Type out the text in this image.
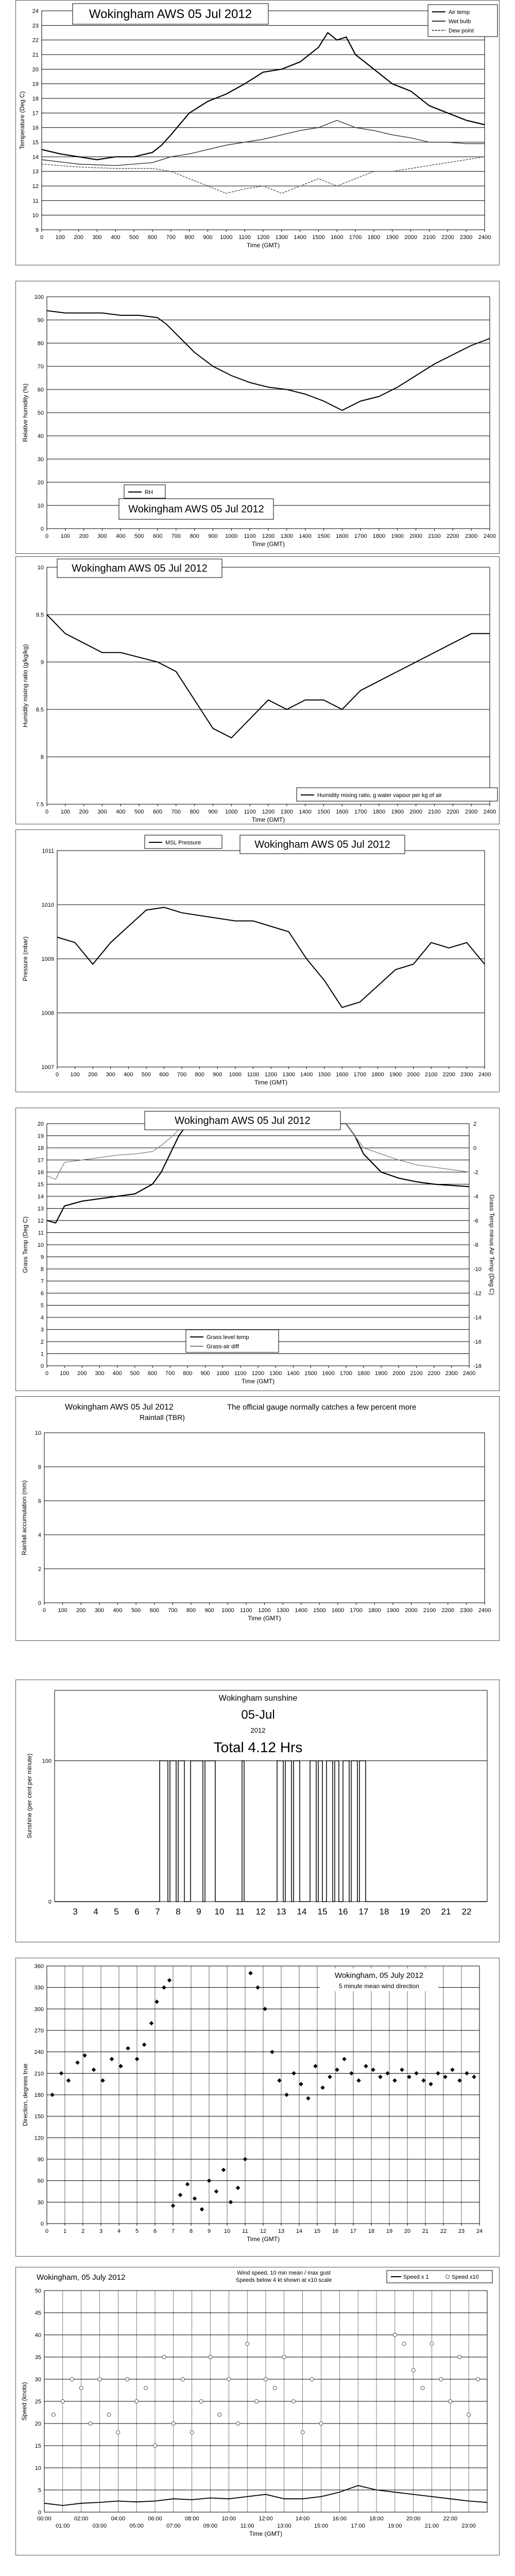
9
10
11
12
13
14
15
16
17
18
19
20
21
22
23
24
0 100 200 300 400 500 600 700 800 900 1000 1100 1200 1300 1400 1500 1600 1700 1800 1900 2000 2100 2200 2300 2400
Time (GMT)
Temperature (Deg C)
Wokingham AWS 05 Jul 2012	Air temp
Wet bulb
Dew point
0
10
20
30
40
50
60
70
80
90
100
0 100 200 300 400 500 600 700 800 900 1000 1100 1200 1300 1400 1500 1600 1700 1800 1900 2000 2100 2200 2300 2400
Time (GMT)
Relative humidity (%)
RH
Wokingham AWS 05 Jul 2012
7.5
8
8.5
9
9.5
10
0 100 200 300 400 500 600 700 800 900 1000 1100 1200 1300 1400 1500 1600 1700 1800 1900 2000 2100 2200 2300 2400
Time (GMT)
Humidity mixing ratio (g/kg/kg)
Wokingham AWS 05 Jul 2012
Humidity mixing ratio, g water vapour per kg of air
1007
1008
1009
1010
1011
0 100 200 300 400 500 600 700 800 900 1000 1100 1200 1300 1400 1500 1600 1700 1800 1900 2000 2100 2200 2300 2400
Time (GMT)
Pressure (mbar)
MSL Pressure	Wokingham AWS 05 Jul 2012
0
1
2
3
4
5
6
7
8
9
10
11
12
13
14
15
16
17
18
19
20
-18
-16
-14
-12
-10
-8
-6
-4
-2
0
2
0 100 200 300 400 500 600 700 800 900 1000 1100 1200 1300 1400 1500 1600 1700 1800 1900 2000 2100 2200 2300 2400
Time (GMT)
Grass Temp (Deg C)	Grass Temp minus Air Temp (Deg C)
Wokingham AWS 05 Jul 2012
Grass level temp
Grass-air diff
0
2
4
6
8
10
0 100 200 300 400 500 600 700 800 900 1000 1100 1200 1300 1400 1500 1600 1700 1800 1900 2000 2100 2200 2300 2400
Time (GMT)
Rainfall accumulation (mm)
Wokingham AWS 05 Jul 2012
Raintall (TBR)
The official gauge normally catches a few percent more
0
100
3 4 5 6 7 8 9 10 11 12 13 14 15 16 17 18 19 20 21 22
Sunshine (per cent per minute)
Wokingham sunshine
05-Jul
2012
Total 4.12 Hrs
0
30
60
90
120
150
180
210
240
270
300
330
360
0	1	2	3	4	5	6	7	8	9 10 11 12 13 14 15 16 17 18 19 20 21 22 23 24
Time (GMT)
Direction, degrees true
Wokingham, 05 July 2012
5 minute mean wind direction
0
5
10
15
20
25
30
35
40
45
50
00:00	02:00	04:00	06:00	08:00	10:00	12:00	14:00	16:00	18:00	20:00	22:00
01:00	03:00	05:00	07:00	09:00	11:00	13:00	15:00	17:00	19:00	21:00	23:00
Time (GMT)
Speed (knots)
Wokingham, 05 July 2012	Wind speed, 10 min mean / max gust
Speeds below 4 kt shown at x10 scale	Speed x 1	Speed x10
